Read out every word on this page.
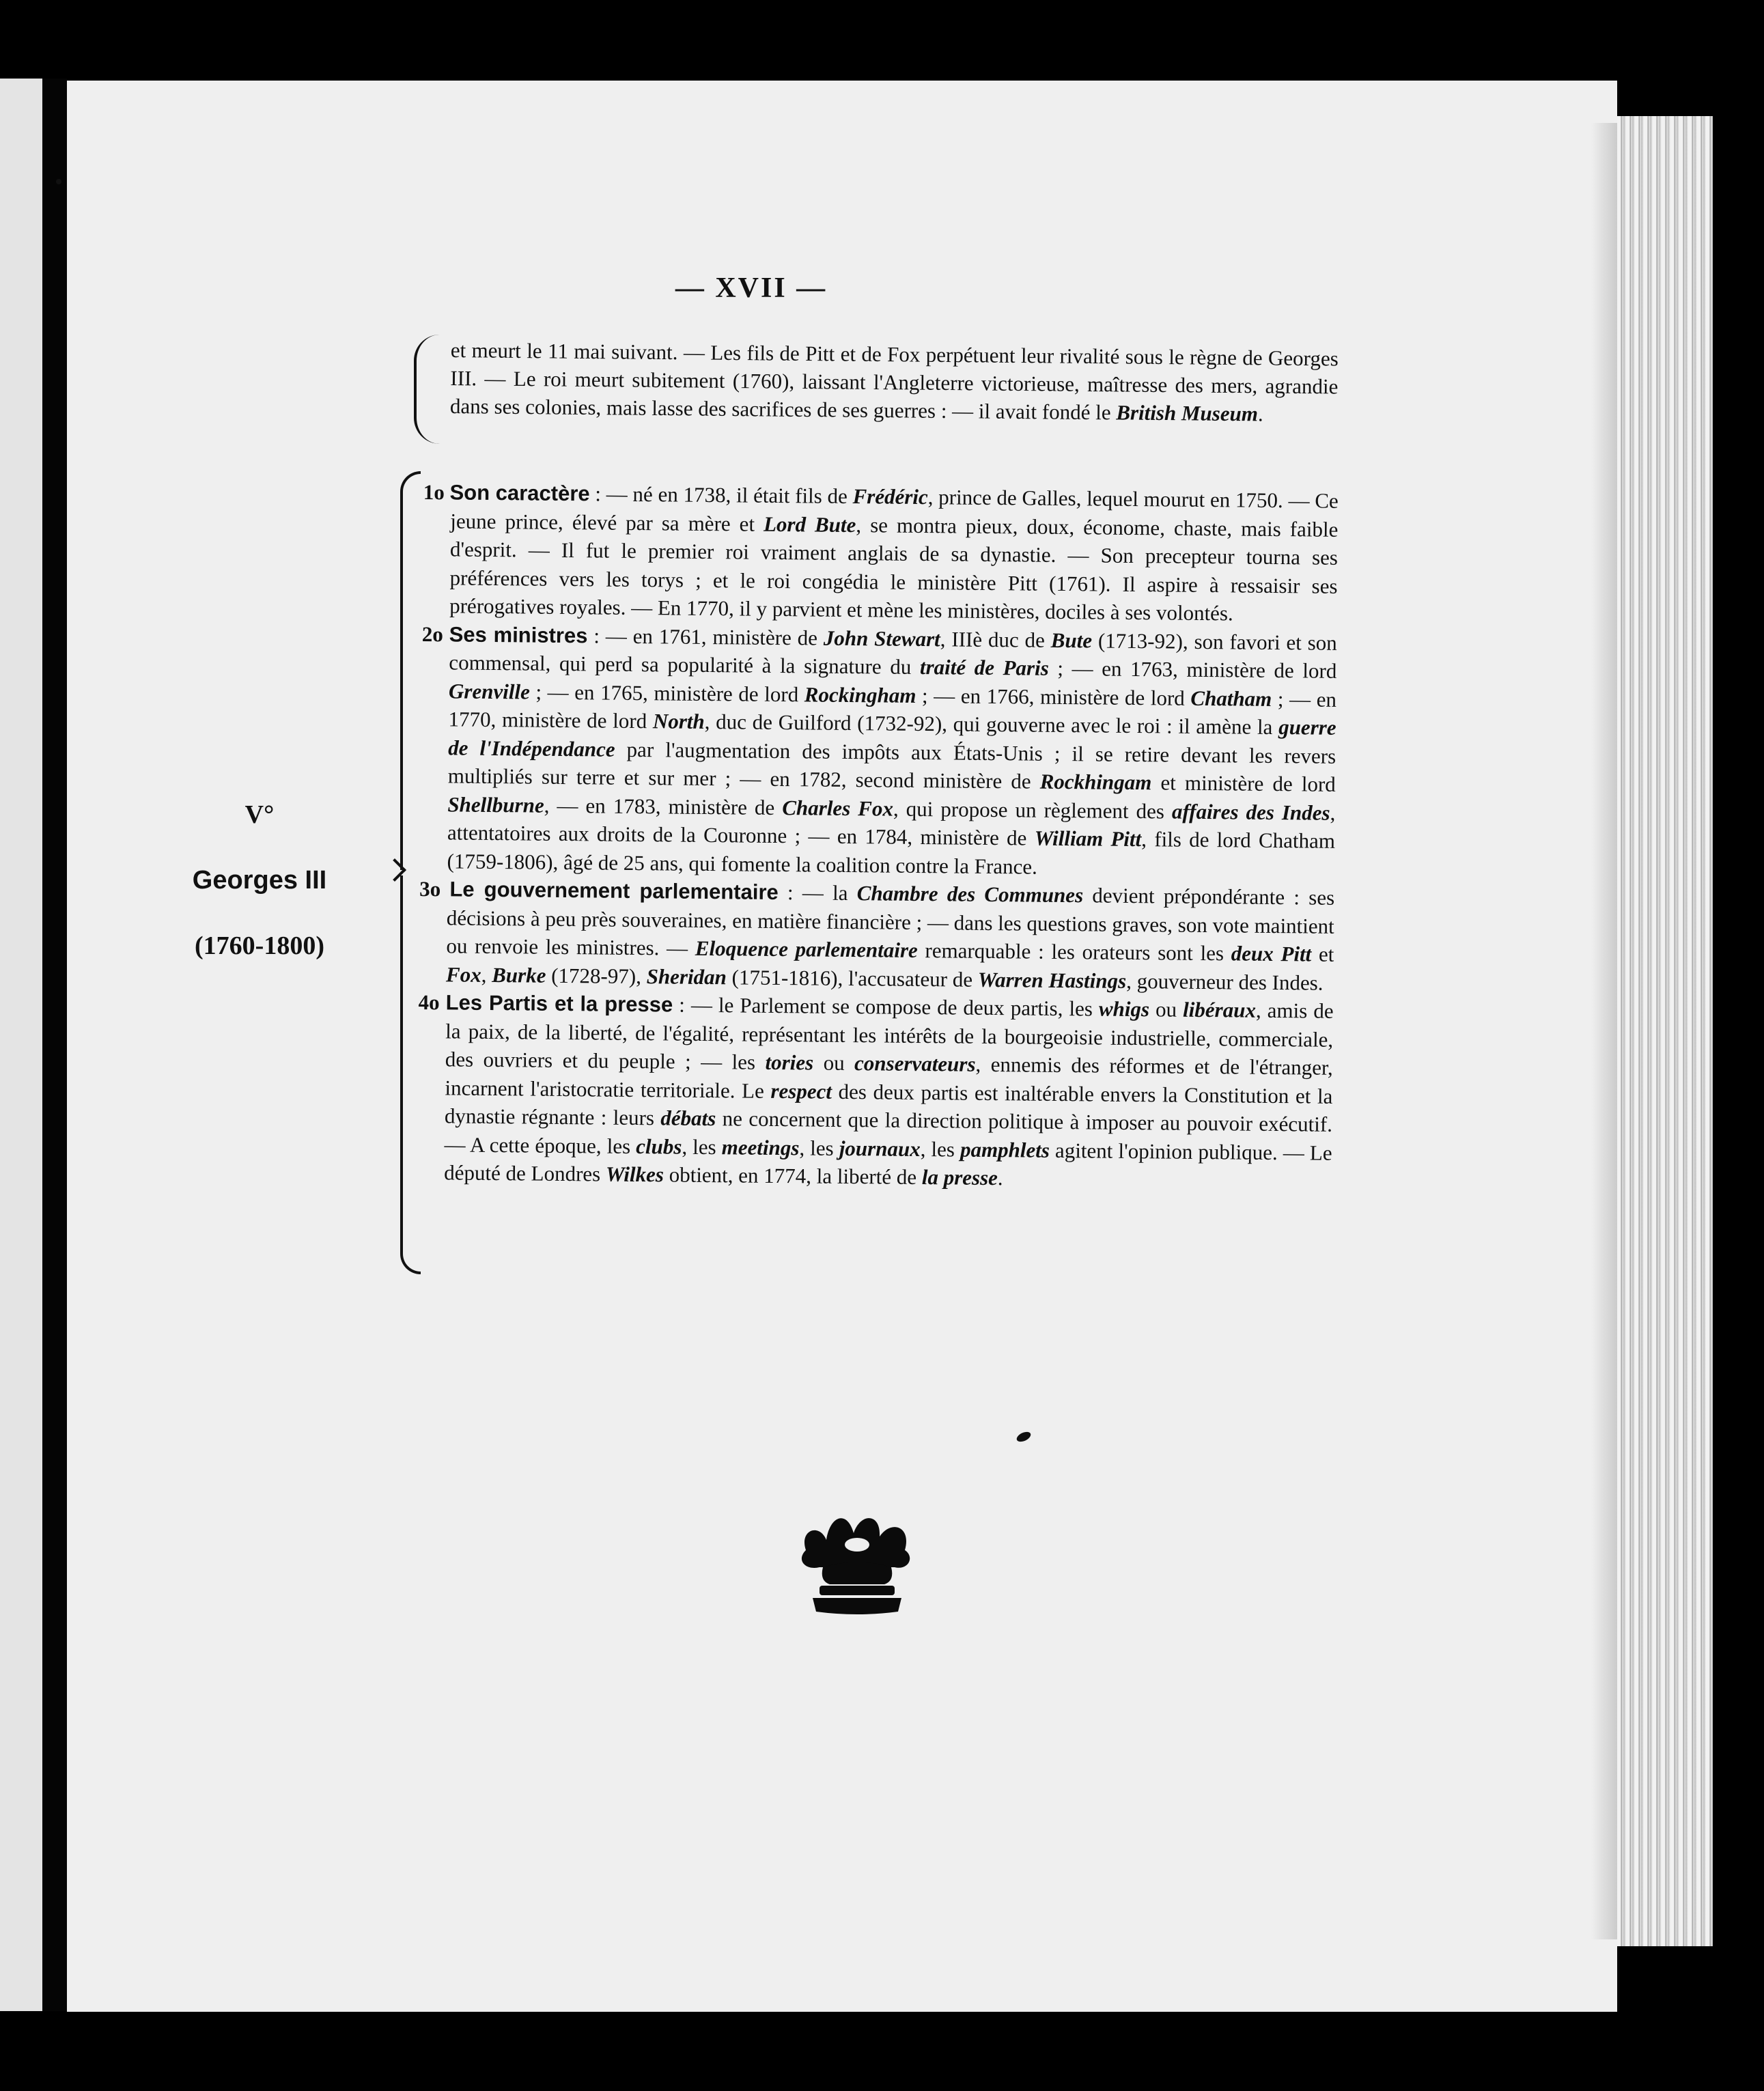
— XVII —
et meurt le 11 mai suivant. — Les fils de Pitt et de Fox perpétuent leur rivalité sous le règne de Georges III. — Le roi meurt subitement (1760), laissant l'Angleterre victorieuse, maîtresse des mers, agrandie dans ses colonies, mais lasse des sacrifices de ses guerres : — il avait fondé le British Museum.
V°
Georges III
(1760-1800)

1o Son caractère : — né en 1738, il était fils de Frédéric, prince de Galles, lequel mourut en 1750. — Ce jeune prince, élevé par sa mère et Lord Bute, se montra pieux, doux, économe, chaste, mais faible d'esprit. — Il fut le premier roi vraiment anglais de sa dynastie. — Son precepteur tourna ses préférences vers les torys ; et le roi congédia le ministère Pitt (1761). Il aspire à ressaisir ses prérogatives royales. — En 1770, il y parvient et mène les ministères, dociles à ses volontés.

2o Ses ministres : — en 1761, ministère de John Stewart, IIIè duc de Bute (1713-92), son favori et son commensal, qui perd sa popularité à la signature du traité de Paris ; — en 1763, ministère de lord Grenville ; — en 1765, ministère de lord Rockingham ; — en 1766, ministère de lord Chatham ; — en 1770, ministère de lord North, duc de Guilford (1732-92), qui gouverne avec le roi : il amène la guerre de l'Indépendance par l'augmentation des impôts aux États-Unis ; il se retire devant les revers multipliés sur terre et sur mer ; — en 1782, second ministère de Rockhingam et ministère de lord Shellburne, — en 1783, ministère de Charles Fox, qui propose un règlement des affaires des Indes, attentatoires aux droits de la Couronne ; — en 1784, ministère de William Pitt, fils de lord Chatham (1759-1806), âgé de 25 ans, qui fomente la coalition contre la France.

3o Le gouvernement parlementaire : — la Chambre des Communes devient prépondérante : ses décisions à peu près souveraines, en matière financière ; — dans les questions graves, son vote maintient ou renvoie les ministres. — Eloquence parlementaire remarquable : les orateurs sont les deux Pitt et Fox, Burke (1728-97), Sheridan (1751-1816), l'accusateur de Warren Hastings, gouverneur des Indes.

4o Les Partis et la presse : — le Parlement se compose de deux partis, les whigs ou libéraux, amis de la paix, de la liberté, de l'égalité, représentant les intérêts de la bourgeoisie industrielle, commerciale, des ouvriers et du peuple ; — les tories ou conservateurs, ennemis des réformes et de l'étranger, incarnent l'aristocratie territoriale. Le respect des deux partis est inaltérable envers la Constitution et la dynastie régnante : leurs débats ne concernent que la direction politique à imposer au pouvoir exécutif. — A cette époque, les clubs, les meetings, les journaux, les pamphlets agitent l'opinion publique. — Le député de Londres Wilkes obtient, en 1774, la liberté de la presse.
